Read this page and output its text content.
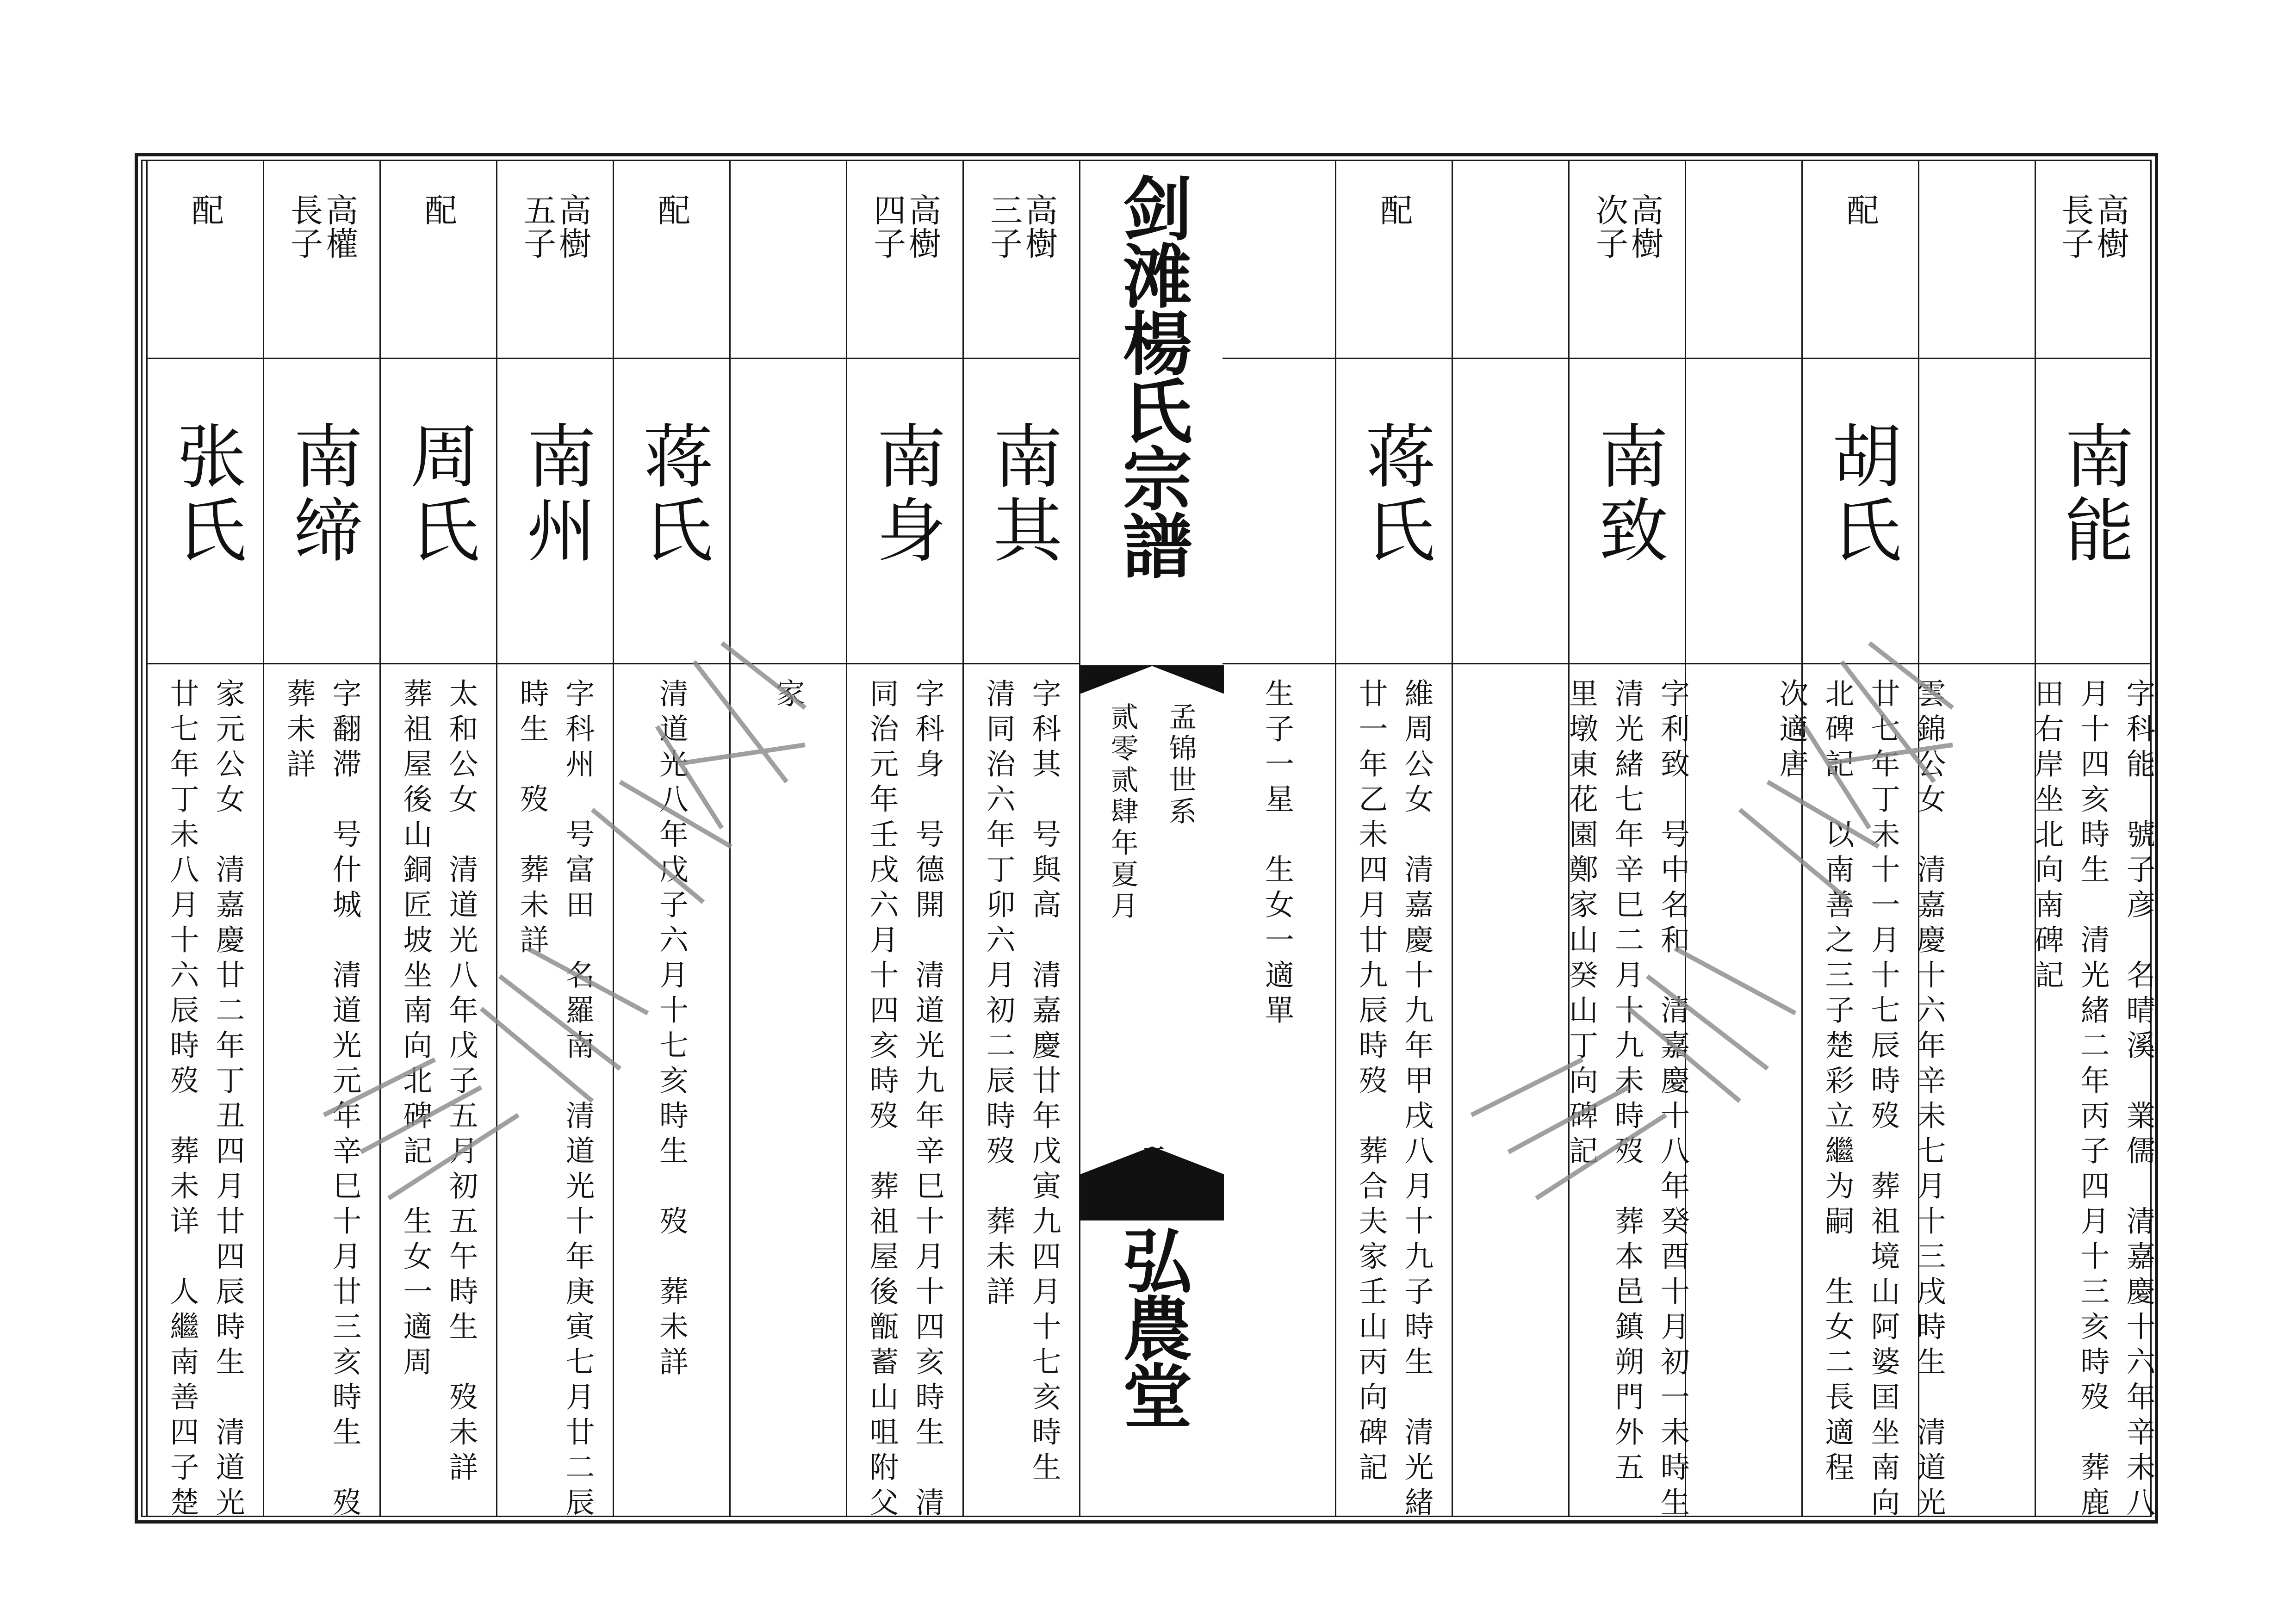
高樹
長子
南能
字科能　號子彦　名晴溪　業儒　清嘉慶十六年辛未八
月十四亥時生　清光緒二年丙子四月十三亥時歿　葬鹿
田右岸坐北向南碑記
配
胡氏
雲錦公女　清嘉慶十六年辛未七月十三戌時生　清道光
廿七年丁未十一月十七辰時歿　葬祖境山阿婆囯坐南向
北碑記　以南善之三子楚彩立繼为嗣　生女二長適程
次適唐
高樹
次子
南致
字利致　号中名和　清嘉慶十八年癸酉十月初一未時生
清光緒七年辛巳二月十九未時歿　葬本邑鎮朔門外五
里墩東花園鄭家山癸山丁向碑記
配
蒋氏
維周公女　清嘉慶十九年甲戌八月十九子時生　清光緒
廿一年乙未四月廿九辰時歿　葬合夫家壬山丙向碑記
生子一星　生女一適單
高樹
三子
南其
字科其　号與高　清嘉慶廿年戊寅九四月十七亥時生
清同治六年丁卯六月初二辰時歿　葬未詳
高樹
四子
南身
字科身　号德開　清道光九年辛巳十月十四亥時生　清
同治元年壬戌六月十四亥時歿　葬祖屋後甑蓄山咀附父
家
配
蒋氏
清道光八年戊子六月十七亥時生　歿　葬未詳
高樹
五子
南州
字科州　号富田　名羅南　清道光十年庚寅七月廿二辰
時生　歿　葬未詳
配
周氏
太和公女　清道光八年戊子五月初五午時生　歿未詳
葬祖屋後山銅匠坡坐南向北碑記　生女一適周
高權
長子
南缔
字翻滞　号什城　清道光元年辛巳十月廿三亥時生　歿
葬未詳
配
张氏
家元公女　清嘉慶廿二年丁丑四月廿四辰時生　清道光
廿七年丁未八月十六辰時歿　葬未详　人繼南善四子楚
剑滩楊氏宗譜
孟锦世系
贰零贰肆年夏月
二
弘農堂
